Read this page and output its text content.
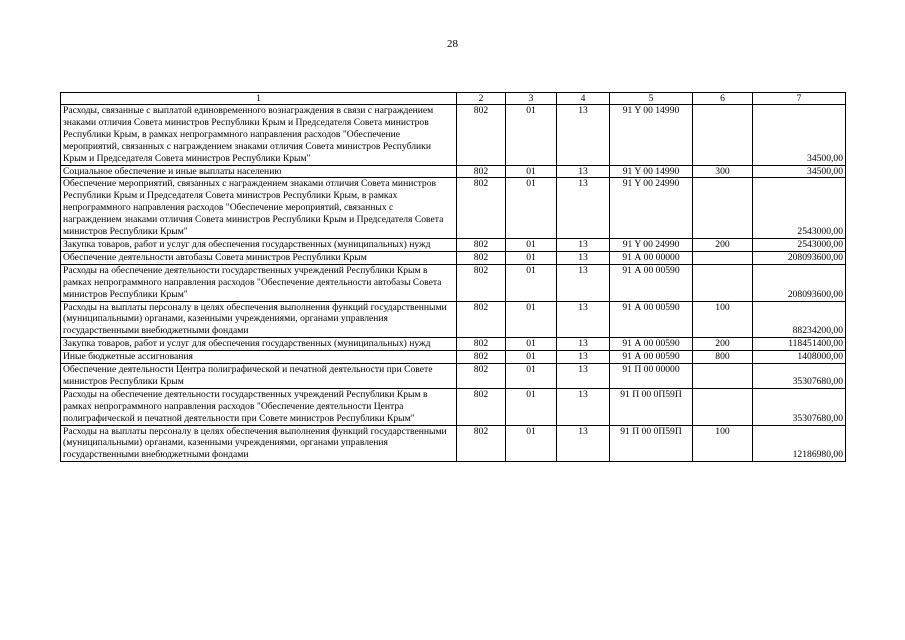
28
1	2	3	4	5	6	7
Расходы, связанные с выплатой единовременного вознаграждения в связи с награждением знаками отличия Совета министров Республики Крым и Председателя Совета министров Республики Крым, в рамках непрограммного направления расходов "Обеспечение мероприятий, связанных с награждением знаками отличия Совета министров Республики Крым и Председателя Совета министров Республики Крым"	802	01	13	91 Y 00 14990		34500,00
Социальное обеспечение и иные выплаты населению	802	01	13	91 Y 00 14990	300	34500,00
Обеспечение мероприятий, связанных с награждением знаками отличия Совета министров Республики Крым и Председателя Совета министров Республики Крым, в рамках непрограммного направления расходов "Обеспечение мероприятий, связанных с награждением знаками отличия Совета министров Республики Крым и Председателя Совета министров Республики Крым"	802	01	13	91 Y 00 24990		2543000,00
Закупка товаров, работ и услуг для обеспечения государственных (муниципальных) нужд	802	01	13	91 Y 00 24990	200	2543000,00
Обеспечение деятельности автобазы Совета министров Республики Крым	802	01	13	91 А 00 00000		208093600,00
Расходы на обеспечение деятельности государственных учреждений Республики Крым в рамках непрограммного направления расходов "Обеспечение деятельности автобазы Совета министров Республики Крым"	802	01	13	91 А 00 00590		208093600,00
Расходы на выплаты персоналу в целях обеспечения выполнения функций государственными (муниципальными) органами, казенными учреждениями, органами управления государственными внебюджетными фондами	802	01	13	91 А 00 00590	100	88234200,00
Закупка товаров, работ и услуг для обеспечения государственных (муниципальных) нужд	802	01	13	91 А 00 00590	200	118451400,00
Иные бюджетные ассигнования	802	01	13	91 А 00 00590	800	1408000,00
Обеспечение деятельности Центра полиграфической и печатной деятельности при Совете министров Республики Крым	802	01	13	91 П 00 00000		35307680,00
Расходы на обеспечение деятельности государственных учреждений Республики Крым в рамках непрограммного направления расходов "Обеспечение деятельности Центра полиграфической и печатной деятельности при Совете министров Республики Крым"	802	01	13	91 П 00 0П59П		35307680,00
Расходы на выплаты персоналу в целях обеспечения выполнения функций государственными (муниципальными) органами, казенными учреждениями, органами управления государственными внебюджетными фондами	802	01	13	91 П 00 0П59П	100	12186980,00
